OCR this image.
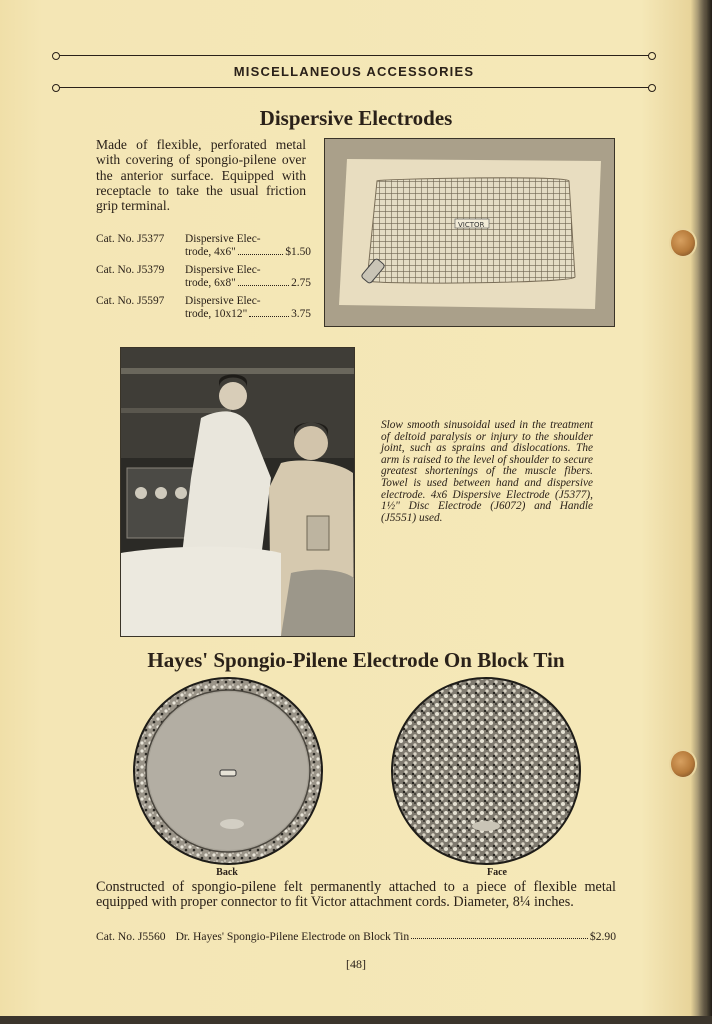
MISCELLANEOUS ACCESSORIES
Dispersive Electrodes
Made of flexible, perforated metal with covering of spongio-pilene over the anterior surface. Equipped with receptacle to take the usual friction grip terminal.
Cat. No. J5377	Dispersive Elec-
trode, 4x6"	$1.50
Cat. No. J5379	Dispersive Elec-
trode, 6x8"	2.75
Cat. No. J5597	Dispersive Elec-
trode, 10x12"	3.75
VICTOR
Slow smooth sinusoidal used in the treatment of deltoid paralysis or injury to the shoulder joint, such as sprains and dislocations. The arm is raised to the level of shoulder to secure greatest shortenings of the muscle fibers. Towel is used between hand and dispersive electrode. 4x6 Dispersive Electrode (J5377), 1½" Disc Electrode (J6072) and Handle (J5551) used.
Hayes' Spongio-Pilene Electrode On Block Tin
Back	Face
Constructed of spongio-pilene felt permanently attached to a piece of flexible metal equipped with proper connector to fit Victor attachment cords. Diameter, 8¼ inches.
Cat. No. J5560 Dr. Hayes' Spongio-Pilene Electrode on Block Tin	$2.90
[48]
